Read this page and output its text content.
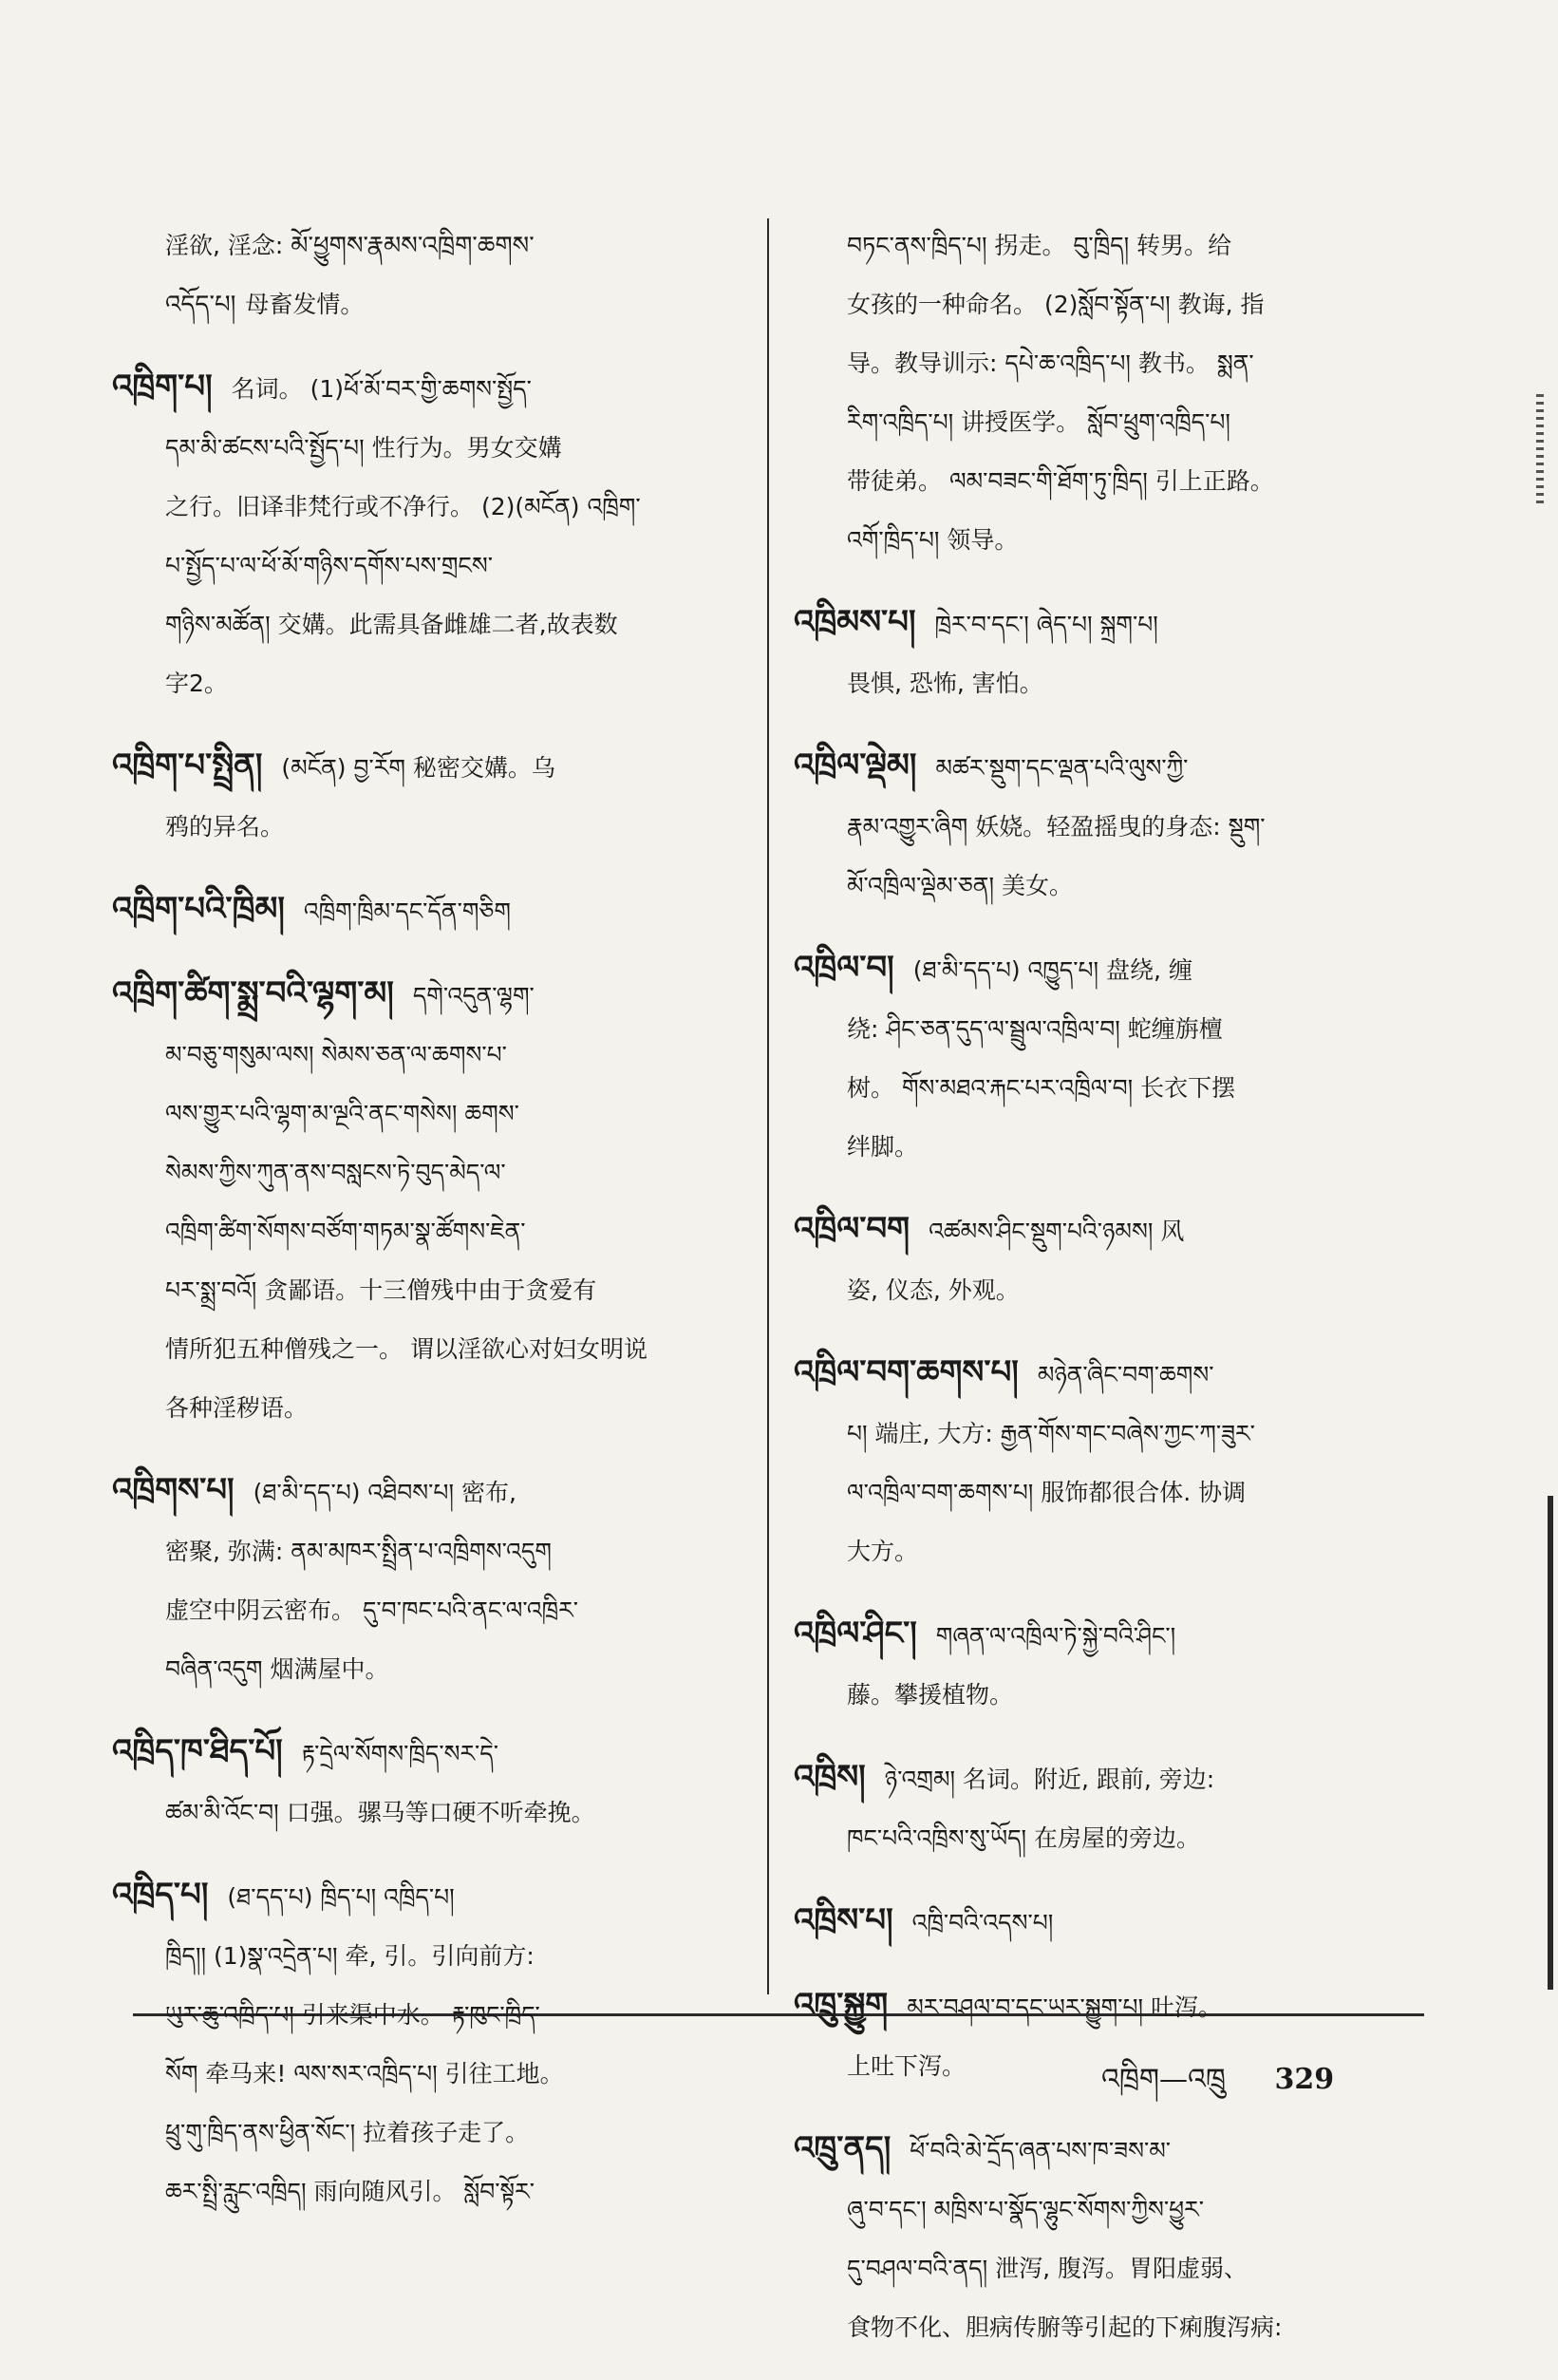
淫欲, 淫念: མོ་ཕྱུགས་རྣམས་འཁྲིག་ཆགས་
འདོད་པ། 母畜发情。
འཁྲིག་པ། 名词。 (1)ཕོ་མོ་བར་གྱི་ཆགས་སྤྱོད་
དམ་མི་ཚངས་པའི་སྤྱོད་པ། 性行为。男女交媾
之行。旧译非梵行或不净行。 (2)(མངོན) འཁྲིག་
པ་སྤྱོད་པ་ལ་ཕོ་མོ་གཉིས་དགོས་པས་གྲངས་
གཉིས་མཚོན། 交媾。此需具备雌雄二者,故表数
字2。
འཁྲིག་པ་སྤྲིན། (མངོན) བྱ་རོག 秘密交媾。乌
鸦的异名。
འཁྲིག་པའི་ཁྲིམ། འཁྲིག་ཁྲིམ་དང་དོན་གཅིག
འཁྲིག་ཚིག་སྨྲ་བའི་ལྷག་མ། དགེ་འདུན་ལྷག་
མ་བཅུ་གསུམ་ལས། སེམས་ཅན་ལ་ཆགས་པ་
ལས་གྱུར་པའི་ལྷག་མ་ལྔའི་ནང་གསེས། ཆགས་
སེམས་ཀྱིས་ཀུན་ནས་བསླངས་ཏེ་བུད་མེད་ལ་
འཁྲིག་ཚིག་སོགས་བཙོག་གཏམ་སྣ་ཚོགས་ཇེན་
པར་སྨྲ་བའོ། 贪鄙语。十三僧残中由于贪爱有
情所犯五种僧残之一。 谓以淫欲心对妇女明说
各种淫秽语。
འཁྲིགས་པ། (ཐ་མི་དད་པ) འཐིབས་པ། 密布,
密聚, 弥满: ནམ་མཁར་སྤྲིན་པ་འཁྲིགས་འདུག
虚空中阴云密布。 དུ་བ་ཁང་པའི་ནང་ལ་འཁྲིར་
བཞིན་འདུག 烟满屋中。
འཁྲིད་ཁ་ཐིད་པོ། རྟ་དྲེལ་སོགས་ཁྲིད་སར་དེ་
ཚམ་མི་འོང་བ། 口强。骡马等口硬不听牵挽。
འཁྲིད་པ། (ཐ་དད་པ) ཁྲིད་པ། འཁྲིད་པ།
ཁྲིད།། (1)སྣ་འདྲེན་པ། 牵, 引。引向前方:
ཡུར་ཆུ་འཁྲིད་པ། 引来渠中水。 རྟ་ཁུང་ཁྲིད་
སོག 牵马来! ལས་སར་འཁྲིད་པ། 引往工地。
ཕྲུ་གུ་ཁྲིད་ནས་ཕྱིན་སོང་། 拉着孩子走了。
ཆར་སྤྲི་རླུང་འཁྲིད། 雨向随风引。 སློབ་སྟོར་
བཏང་ནས་ཁྲིད་པ། 拐走。 བུ་ཁྲིད། 转男。给
女孩的一种命名。 (2)སློབ་སྟོན་པ། 教诲, 指
导。教导训示: དཔེ་ཆ་འཁྲིད་པ། 教书。 སྨན་
རིག་འཁྲིད་པ། 讲授医学。 སློབ་ཕྲུག་འཁྲིད་པ།
带徒弟。 ལམ་བཟང་གི་ཐོག་ཏུ་ཁྲིད། 引上正路。
འགོ་ཁྲིད་པ། 领导。
འཁྲིམས་པ། ཁྲེར་བ་དང་། ཞེད་པ། སྐྲག་པ།
畏惧, 恐怖, 害怕。
འཁྲིལ་ལྡེམ། མཚར་སྡུག་དང་ལྡན་པའི་ལུས་ཀྱི་
རྣམ་འགྱུར་ཞིག 妖娆。轻盈摇曳的身态: སྡུག་
མོ་འཁྲིལ་ལྡེམ་ཅན། 美女。
འཁྲིལ་བ། (ཐ་མི་དད་པ) འཁྱུད་པ། 盘绕, 缠
绕: ཤིང་ཅན་དུད་ལ་སྦྲུལ་འཁྲིལ་བ། 蛇缠旃檀
树。 གོས་མཐའ་རྐང་པར་འཁྲིལ་བ། 长衣下摆
绊脚。
འཁྲིལ་བག འཚམས་ཤིང་སྡུག་པའི་ཉམས། 风
姿, 仪态, 外观。
འཁྲིལ་བག་ཆགས་པ། མཉེན་ཞིང་བག་ཆགས་
པ། 端庄, 大方: རྒྱན་གོས་གང་བཞེས་ཀྱང་ཀ་ཟུར་
ལ་འཁྲིལ་བག་ཆགས་པ། 服饰都很合体. 协调
大方。
འཁྲིལ་ཤིང་། གཞན་ལ་འཁྲིལ་ཏེ་སྐྱེ་བའི་ཤིང་།
藤。攀援植物。
འཁྲིས། ཉེ་འགྲམ། 名词。附近, 跟前, 旁边:
ཁང་པའི་འཁྲིས་སུ་ཡོད། 在房屋的旁边。
འཁྲིས་པ། འཁྲི་བའི་འདས་པ།
འཁྲུ་སྐྱུག མར་བཤལ་བ་དང་ཡར་སྐྱུག་པ། 吐泻。
上吐下泻。
འཁྲུ་ནད། ཕོ་བའི་མེ་དྲོད་ཞན་པས་ཁ་ཟས་མ་
ཞུ་བ་དང་། མཁྲིས་པ་སྣོད་ལྷུང་སོགས་ཀྱིས་ཕྱུར་
དུ་བཤལ་བའི་ནད། 泄泻, 腹泻。胃阳虚弱、
食物不化、胆病传腑等引起的下痢腹泻病:
འཁྲིག—འཁྲུ 329
